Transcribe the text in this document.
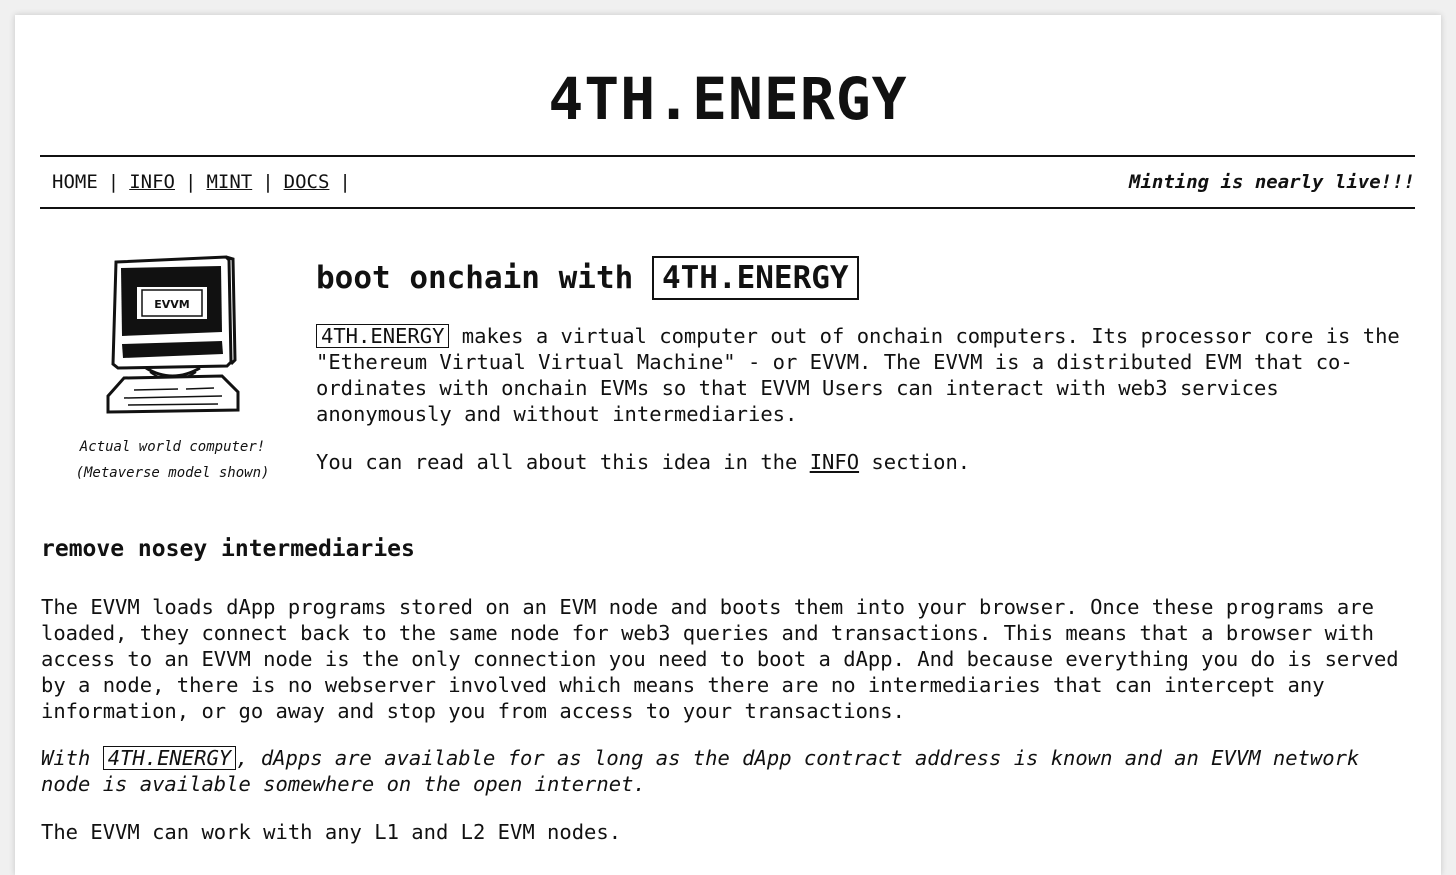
4TH.ENERGY
HOME | INFO | MINT | DOCS |	Minting is nearly live!!!
EVVM
Actual world computer!
(Metaverse model shown)
boot onchain with 4TH.ENERGY

4TH.ENERGY makes a virtual computer out of onchain computers. Its processor core is the "Ethereum Virtual Virtual Machine" - or EVVM. The EVVM is a distributed EVM that co-ordinates with onchain EVMs so that EVVM Users can interact with web3 services anonymously and without intermediaries.

You can read all about this idea in the INFO section.

remove nosey intermediaries

The EVVM loads dApp programs stored on an EVM node and boots them into your browser. Once these programs are loaded, they connect back to the same node for web3 queries and transactions. This means that a browser with access to an EVVM node is the only connection you need to boot a dApp. And because everything you do is served by a node, there is no webserver involved which means there are no intermediaries that can intercept any information, or go away and stop you from access to your transactions.

With 4TH.ENERGY , dApps are available for as long as the dApp contract address is known and an EVVM network node is available somewhere on the open internet.

The EVVM can work with any L1 and L2 EVM nodes.
